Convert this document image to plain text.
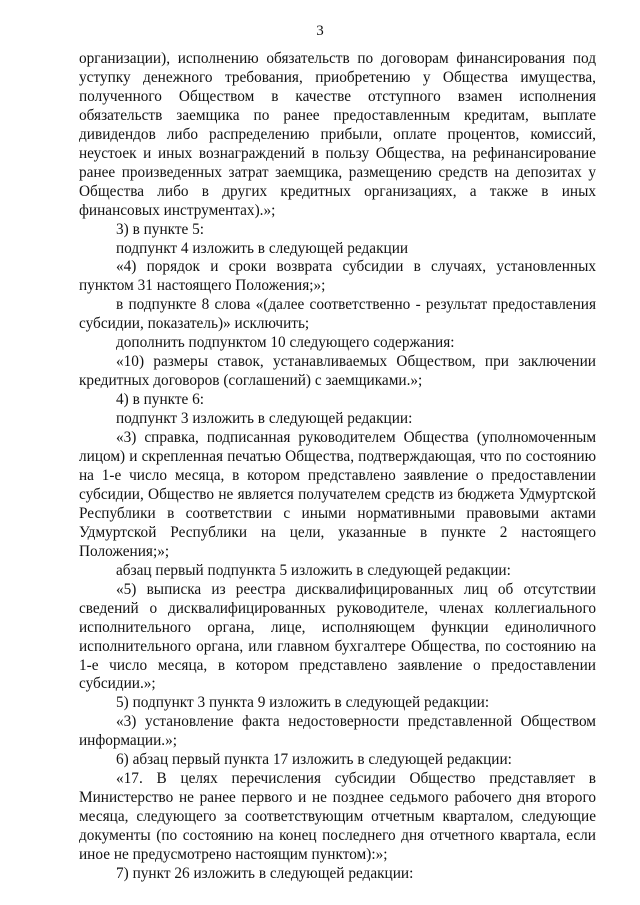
3

организации), исполнению обязательств по договорам финансирования под уступку денежного требования, приобретению у Общества имущества, полученного Обществом в качестве отступного взамен исполнения обязательств заемщика по ранее предоставленным кредитам, выплате дивидендов либо распределению прибыли, оплате процентов, комиссий, неустоек и иных вознаграждений в пользу Общества, на рефинансирование ранее произведенных затрат заемщика, размещению средств на депозитах у Общества либо в других кредитных организациях, а также в иных финансовых инструментах).»;

3) в пункте 5:

подпункт 4 изложить в следующей редакции

«4) порядок и сроки возврата субсидии в случаях, установленных пунктом 31 настоящего Положения;»;

в подпункте 8 слова «(далее соответственно - результат предоставления субсидии, показатель)» исключить;

дополнить подпунктом 10 следующего содержания:

«10) размеры ставок, устанавливаемых Обществом, при заключении кредитных договоров (соглашений) с заемщиками.»;

4) в пункте 6:

подпункт 3 изложить в следующей редакции:

«3) справка, подписанная руководителем Общества (уполномоченным лицом) и скрепленная печатью Общества, подтверждающая, что по состоянию на 1-е число месяца, в котором представлено заявление о предоставлении субсидии, Общество не является получателем средств из бюджета Удмуртской Республики в соответствии с иными нормативными правовыми актами Удмуртской Республики на цели, указанные в пункте 2 настоящего Положения;»;

абзац первый подпункта 5 изложить в следующей редакции:

«5) выписка из реестра дисквалифицированных лиц об отсутствии сведений о дисквалифицированных руководителе, членах коллегиального исполнительного органа, лице, исполняющем функции единоличного исполнительного органа, или главном бухгалтере Общества, по состоянию на 1-е число месяца, в котором представлено заявление о предоставлении субсидии.»;

5) подпункт 3 пункта 9 изложить в следующей редакции:

«3) установление факта недостоверности представленной Обществом информации.»;

6) абзац первый пункта 17 изложить в следующей редакции:

«17. В целях перечисления субсидии Общество представляет в Министерство не ранее первого и не позднее седьмого рабочего дня второго месяца, следующего за соответствующим отчетным кварталом, следующие документы (по состоянию на конец последнего дня отчетного квартала, если иное не предусмотрено настоящим пунктом):»;

7) пункт 26 изложить в следующей редакции:
